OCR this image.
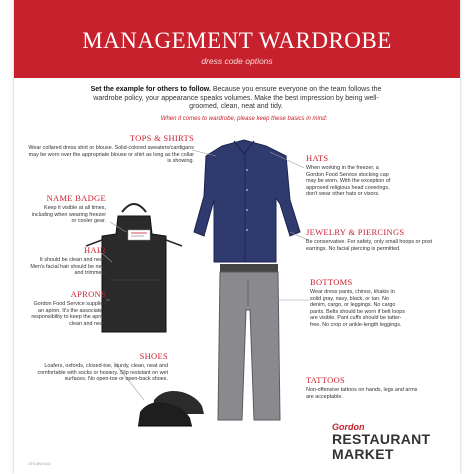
MANAGEMENT WARDROBE
dress code options
Set the example for others to follow. Because you ensure everyone on the team follows the wardrobe policy, your appearance speaks volumes. Make the best impression by being well-groomed, clean, neat and tidy.
When it comes to wardrobe, please keep these basics in mind:
TOPS & SHIRTS
Wear collared dress shirt or blouse. Solid-colored sweaters/cardigans may be worn over the appropriate blouse or shirt as long as the collar is showing.
NAME BADGE
Keep it visible at all times, including when wearing freezer or cooler gear.
HAIR
It should be clean and neat. Men's facial hair should be neat and trimmed.
APRONS
Gordon Food Service supplies an apron. It's the associate's responsibility to keep the apron clean and neat.
SHOES
Loafers, oxfords, closed-toe, sturdy, clean, neat and comfortable with socks or hosiery. Slip resistant on wet surfaces. No open-toe or open-back shoes.
HATS
When working in the freezer, a Gordon Food Service stocking cap may be worn. With the exception of approved religious head coverings, don't wear other hats or visors.
JEWELRY & PIERCINGS
Be conservative. For safety, only small hoops or post earrings. No facial piercing is permitted.
BOTTOMS
Wear dress pants, chinos, khakis in solid gray, navy, black, or tan. No denim, cargo, or leggings. No cargo pants. Belts should be worn if belt loops are visible. Pant cuffs should be tatter-free. No crop or ankle-length leggings.
TATTOOS
Non-offensive tattoos on hands, legs and arms are acceptable.
Gordon
RESTAURANT
MARKET
GFS-MW-0417
